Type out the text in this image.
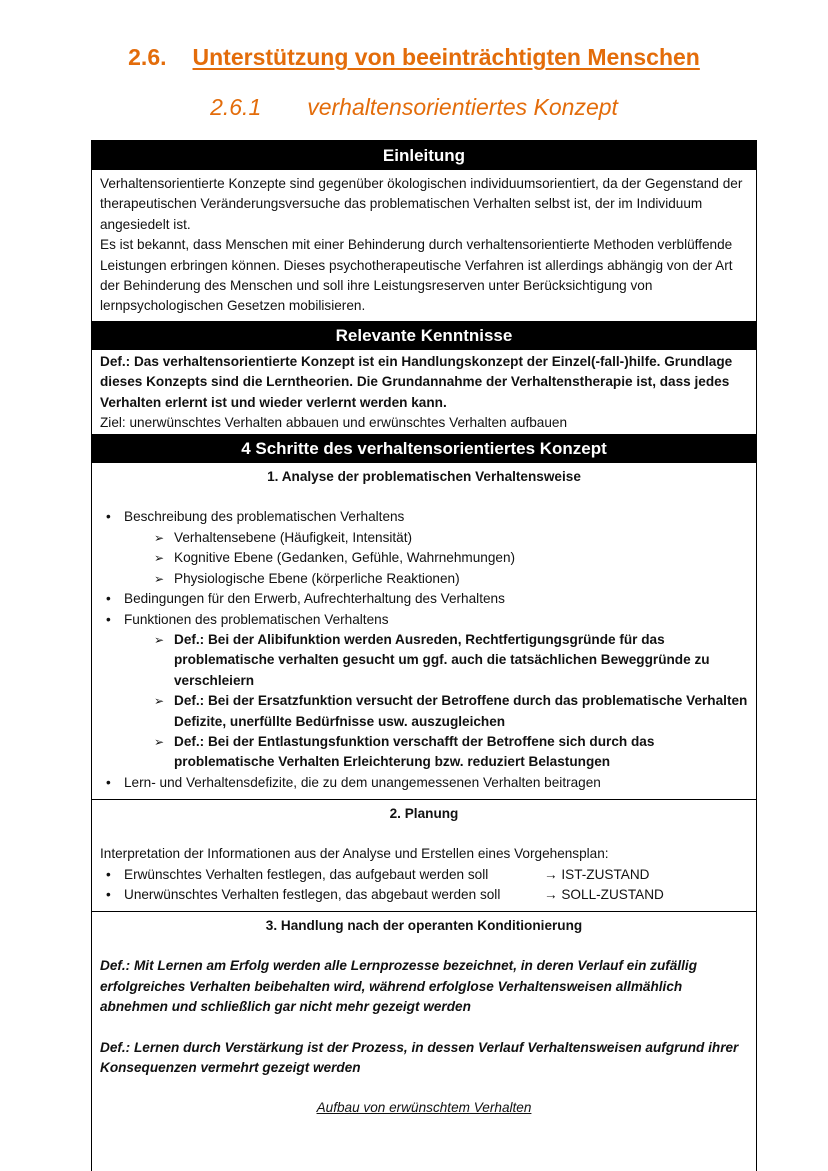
2.6. Unterstützung von beeinträchtigten Menschen
2.6.1 verhaltensorientiertes Konzept
Einleitung
Verhaltensorientierte Konzepte sind gegenüber ökologischen individuumsorientiert, da der Gegenstand der therapeutischen Veränderungsversuche das problematischen Verhalten selbst ist, der im Individuum angesiedelt ist.
Es ist bekannt, dass Menschen mit einer Behinderung durch verhaltensorientierte Methoden verblüffende Leistungen erbringen können. Dieses psychotherapeutische Verfahren ist allerdings abhängig von der Art der Behinderung des Menschen und soll ihre Leistungsreserven unter Berücksichtigung von lernpsychologischen Gesetzen mobilisieren.
Relevante Kenntnisse
Def.: Das verhaltensorientierte Konzept ist ein Handlungskonzept der Einzel(-fall-)hilfe. Grundlage dieses Konzepts sind die Lerntheorien. Die Grundannahme der Verhaltenstherapie ist, dass jedes Verhalten erlernt ist und wieder verlernt werden kann.
Ziel: unerwünschtes Verhalten abbauen und erwünschtes Verhalten aufbauen
4 Schritte des verhaltensorientiertes Konzept
1. Analyse der problematischen Verhaltensweise
• Beschreibung des problematischen Verhaltens
➢ Verhaltensebene (Häufigkeit, Intensität)
➢ Kognitive Ebene (Gedanken, Gefühle, Wahrnehmungen)
➢ Physiologische Ebene (körperliche Reaktionen)
• Bedingungen für den Erwerb, Aufrechterhaltung des Verhaltens
• Funktionen des problematischen Verhaltens
➢ Def.: Bei der Alibifunktion werden Ausreden, Rechtfertigungsgründe für das problematische verhalten gesucht um ggf. auch die tatsächlichen Beweggründe zu verschleiern
➢ Def.: Bei der Ersatzfunktion versucht der Betroffene durch das problematische Verhalten Defizite, unerfüllte Bedürfnisse usw. auszugleichen
➢ Def.: Bei der Entlastungsfunktion verschafft der Betroffene sich durch das problematische Verhalten Erleichterung bzw. reduziert Belastungen
• Lern- und Verhaltensdefizite, die zu dem unangemessenen Verhalten beitragen
2. Planung
Interpretation der Informationen aus der Analyse und Erstellen eines Vorgehensplan:
• Erwünschtes Verhalten festlegen, das aufgebaut werden soll	→ IST-ZUSTAND
• Unerwünschtes Verhalten festlegen, das abgebaut werden soll	→ SOLL-ZUSTAND
3. Handlung nach der operanten Konditionierung
Def.: Mit Lernen am Erfolg werden alle Lernprozesse bezeichnet, in deren Verlauf ein zufällig erfolgreiches Verhalten beibehalten wird, während erfolglose Verhaltensweisen allmählich abnehmen und schließlich gar nicht mehr gezeigt werden
Def.: Lernen durch Verstärkung ist der Prozess, in dessen Verlauf Verhaltensweisen aufgrund ihrer Konsequenzen vermehrt gezeigt werden
Aufbau von erwünschtem Verhalten
